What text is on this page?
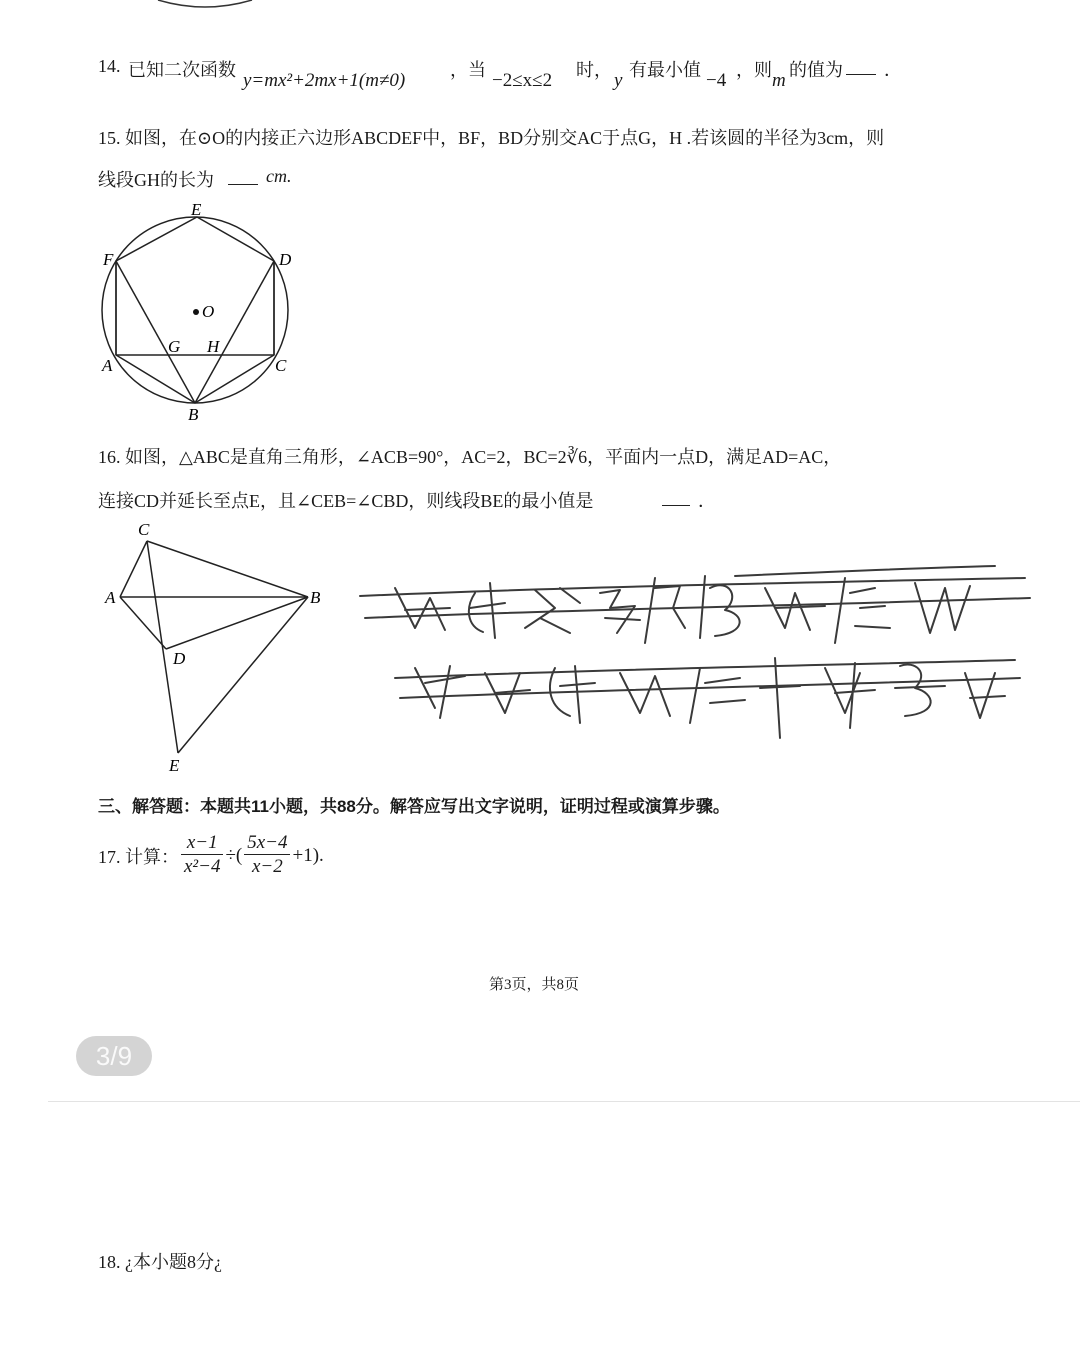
14. 已知二次函数 y=mx²+2mx+1(m≠0) ，当 −2≤x≤2 时， y 有最小值 −4 ，则 m 的值为 ．
15. 如图，在⊙O的内接正六边形ABCDEF中，BF，BD分别交AC于点G，H .若该圆的半径为3cm，则
线段GH的长为	cm.
E
D
F
O
G H
A	C
B
16. 如图，△ABC是直角三角形，∠ACB=90°，AC=2，BC=2∛6，平面内一点D，满足AD=AC，
连接CD并延长至点E，且∠CEB=∠CBD，则线段BE的最小值是	．
C
A	B
D
E
三、解答题：本题共11小题，共88分。解答应写出文字说明，证明过程或演算步骤。
17. 计算： $\frac{x-1}{\text{x²−4}}$ ÷( $\frac{5x-4}{x-2} +1$).
第3页，共8页
3/9
18. ¿本小题8分¿
